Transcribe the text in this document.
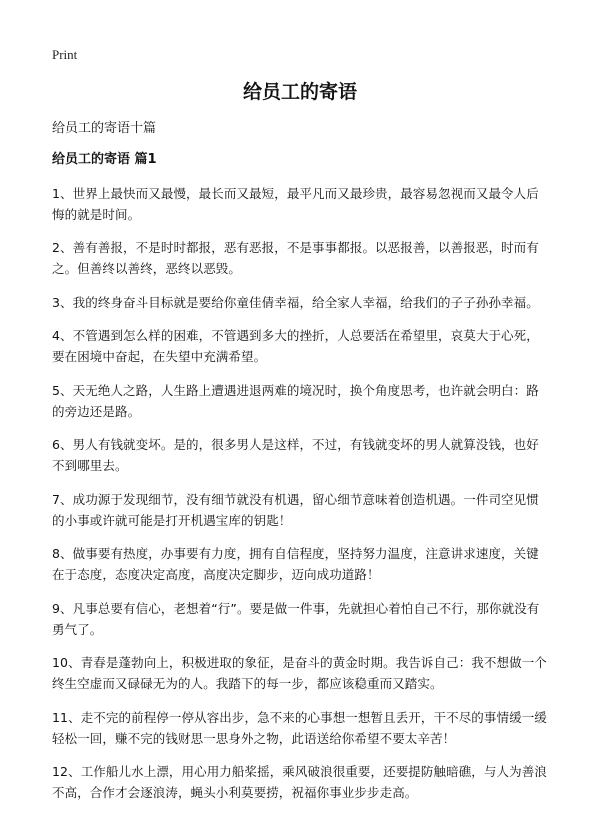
Print
给员工的寄语
给员工的寄语十篇
给员工的寄语 篇1

1、世界上最快而又最慢，最长而又最短，最平凡而又最珍贵，最容易忽视而又最令人后悔的就是时间。

2、善有善报，不是时时都报，恶有恶报，不是事事都报。以恶报善，以善报恶，时而有之。但善终以善终，恶终以恶毁。

3、我的终身奋斗目标就是要给你童佳倩幸福，给全家人幸福，给我们的子子孙孙幸福。

4、不管遇到怎么样的困难，不管遇到多大的挫折，人总要活在希望里，哀莫大于心死，要在困境中奋起，在失望中充满希望。

5、天无绝人之路，人生路上遭遇进退两难的境况时，换个角度思考，也许就会明白：路的旁边还是路。

6、男人有钱就变坏。是的，很多男人是这样，不过，有钱就变坏的男人就算没钱，也好不到哪里去。

7、成功源于发现细节，没有细节就没有机遇，留心细节意味着创造机遇。一件司空见惯的小事或许就可能是打开机遇宝库的钥匙！

8、做事要有热度，办事要有力度，拥有自信程度，坚持努力温度，注意讲求速度，关键在于态度，态度决定高度，高度决定脚步，迈向成功道路！

9、凡事总要有信心，老想着“行”。要是做一件事，先就担心着怕自己不行，那你就没有勇气了。

10、青春是蓬勃向上，积极进取的象征，是奋斗的黄金时期。我告诉自己：我不想做一个终生空虚而又碌碌无为的人。我踏下的每一步，都应该稳重而又踏实。

11、走不完的前程停一停从容出步，急不来的心事想一想暂且丢开，干不尽的事情缓一缓轻松一回，赚不完的钱财思一思身外之物，此语送给你希望不要太辛苦！

12、工作船儿水上漂，用心用力船桨摇，乘风破浪很重要，还要提防触暗礁，与人为善浪不高，合作才会逐浪涛，蝇头小利莫要捞，祝福你事业步步走高。
